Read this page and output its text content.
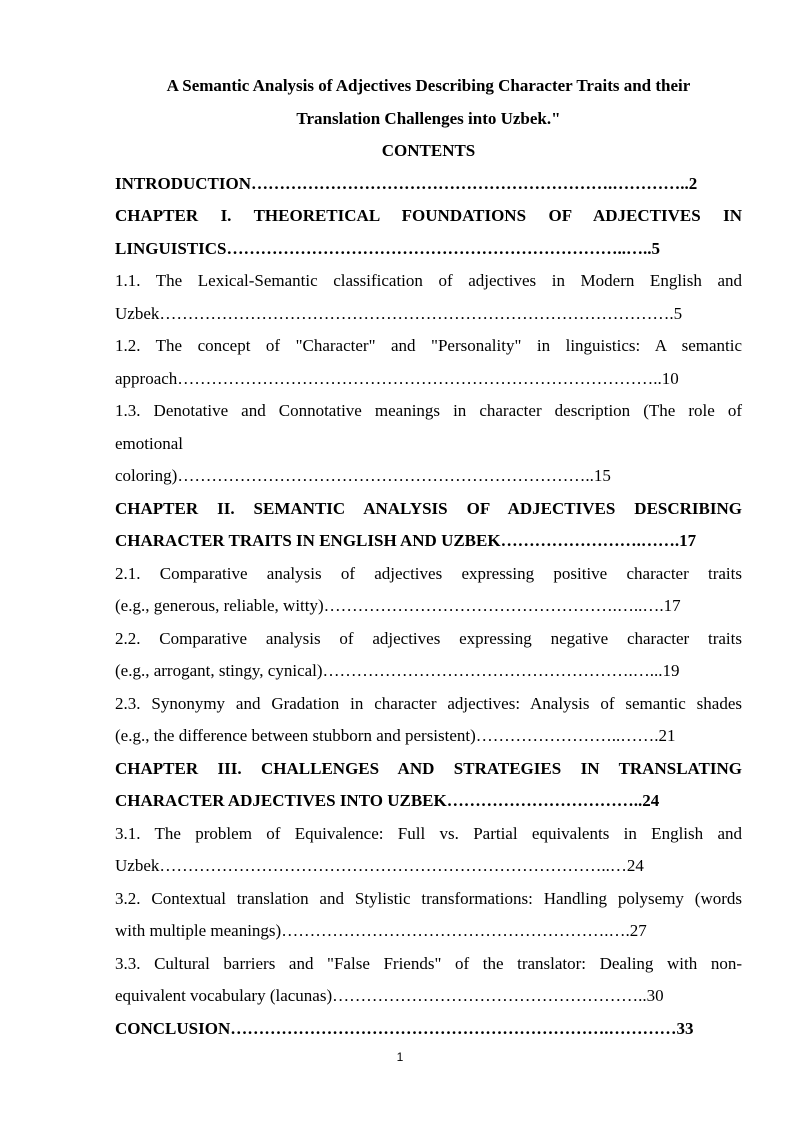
A Semantic Analysis of Adjectives Describing Character Traits and their
Translation Challenges into Uzbek."
CONTENTS
INTRODUCTION……………………………………………………….…………..2
CHAPTER I. THEORETICAL FOUNDATIONS OF ADJECTIVES IN
LINGUISTICS……………………………………………………………..…..5
1.1. The Lexical-Semantic classification of adjectives in Modern English and
Uzbek……………………………………………………………………………….5
1.2. The concept of "Character" and "Personality" in linguistics: A semantic
approach…………………………………………………………………………..10
1.3. Denotative and Connotative meanings in character description (The role of
emotional
coloring)………………………………………………………………..15
CHAPTER II. SEMANTIC ANALYSIS OF ADJECTIVES DESCRIBING
CHARACTER TRAITS IN ENGLISH AND UZBEK…………………….…….17
2.1. Comparative analysis of adjectives expressing positive character traits
(e.g., generous, reliable, witty)…………………………………………….…..….17
2.2. Comparative analysis of adjectives expressing negative character traits
(e.g., arrogant, stingy, cynical)……………………………………………….…...19
2.3. Synonymy and Gradation in character adjectives: Analysis of semantic shades
(e.g., the difference between stubborn and persistent)……………………..…….21
CHAPTER III. CHALLENGES AND STRATEGIES IN TRANSLATING
CHARACTER ADJECTIVES INTO UZBEK……………………………..24
3.1. The problem of Equivalence: Full vs. Partial equivalents in English and
Uzbek……………………………………………………………………..…24
3.2. Contextual translation and Stylistic transformations: Handling polysemy (words
with multiple meanings)………………………………………………….….27
3.3. Cultural barriers and "False Friends" of the translator: Dealing with non-
equivalent vocabulary (lacunas)………………………………………………..30
CONCLUSION………………………………………………………….…………33
1
